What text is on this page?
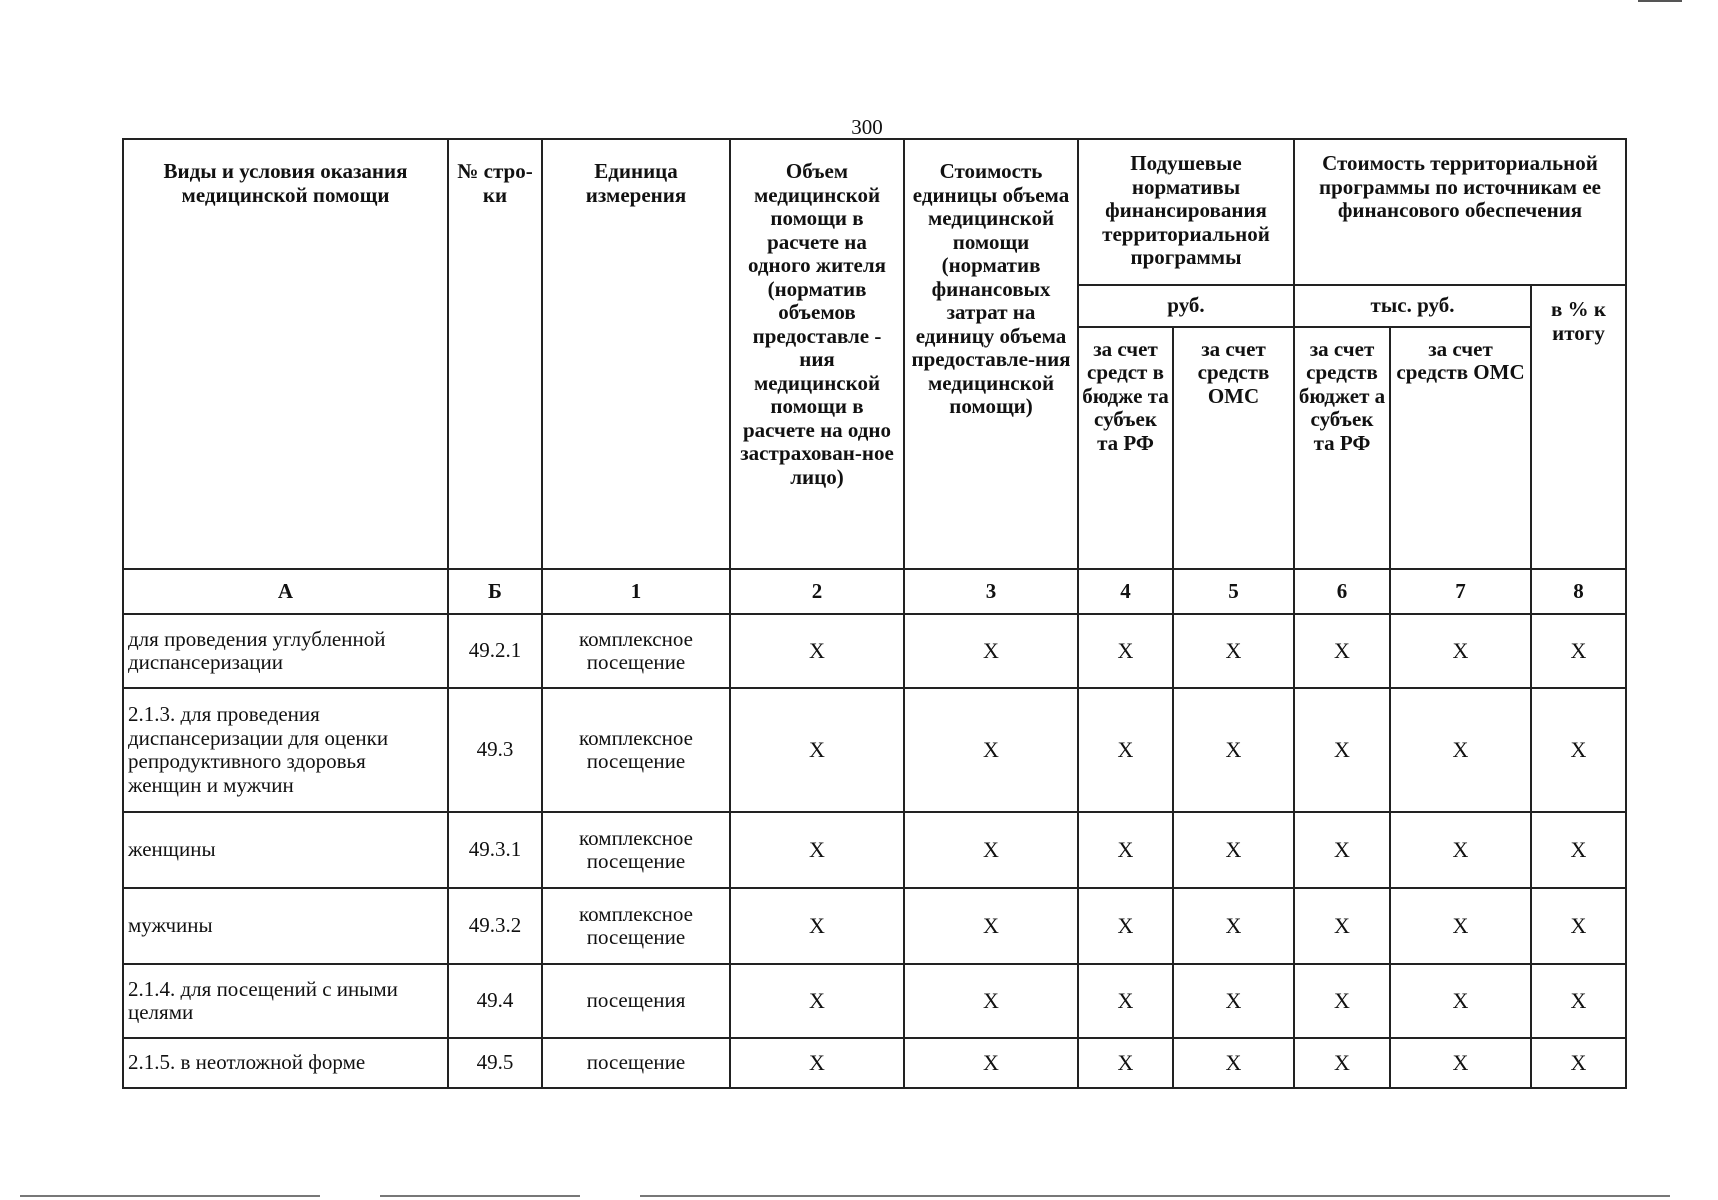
300
Виды и условия оказания медицинской помощи	№ стро-ки	Единица измерения	Объем медицинской помощи в расчете на одного жителя (норматив объемов предоставле - ния медицинской помощи в расчете на одно застрахован-ное лицо)	Стоимость единицы объема медицинской помощи (норматив финансовых затрат на единицу объема предоставле-ния медицинской помощи)	Подушевые нормативы финансирования территориальной программы		Стоимость территориальной программы по источникам ее финансового обеспечения		
					руб.		тыс. руб.		в % к итогу
					за счет средст в бюдже та субъек та РФ	за счет средств ОМС	за счет средств бюджет а субъек та РФ	за счет средств ОМС	
А	Б	1	2	3	4	5	6	7	8
для проведения углубленной диспансеризации	49.2.1	комплексное посещение	X	X	X	X	X	X	X
2.1.3. для проведения диспансеризации для оценки репродуктивного здоровья женщин и мужчин	49.3	комплексное посещение	X	X	X	X	X	X	X
женщины	49.3.1	комплексное посещение	X	X	X	X	X	X	X
мужчины	49.3.2	комплексное посещение	X	X	X	X	X	X	X
2.1.4. для посещений с иными целями	49.4	посещения	X	X	X	X	X	X	X
2.1.5. в неотложной форме	49.5	посещение	X	X	X	X	X	X	X
